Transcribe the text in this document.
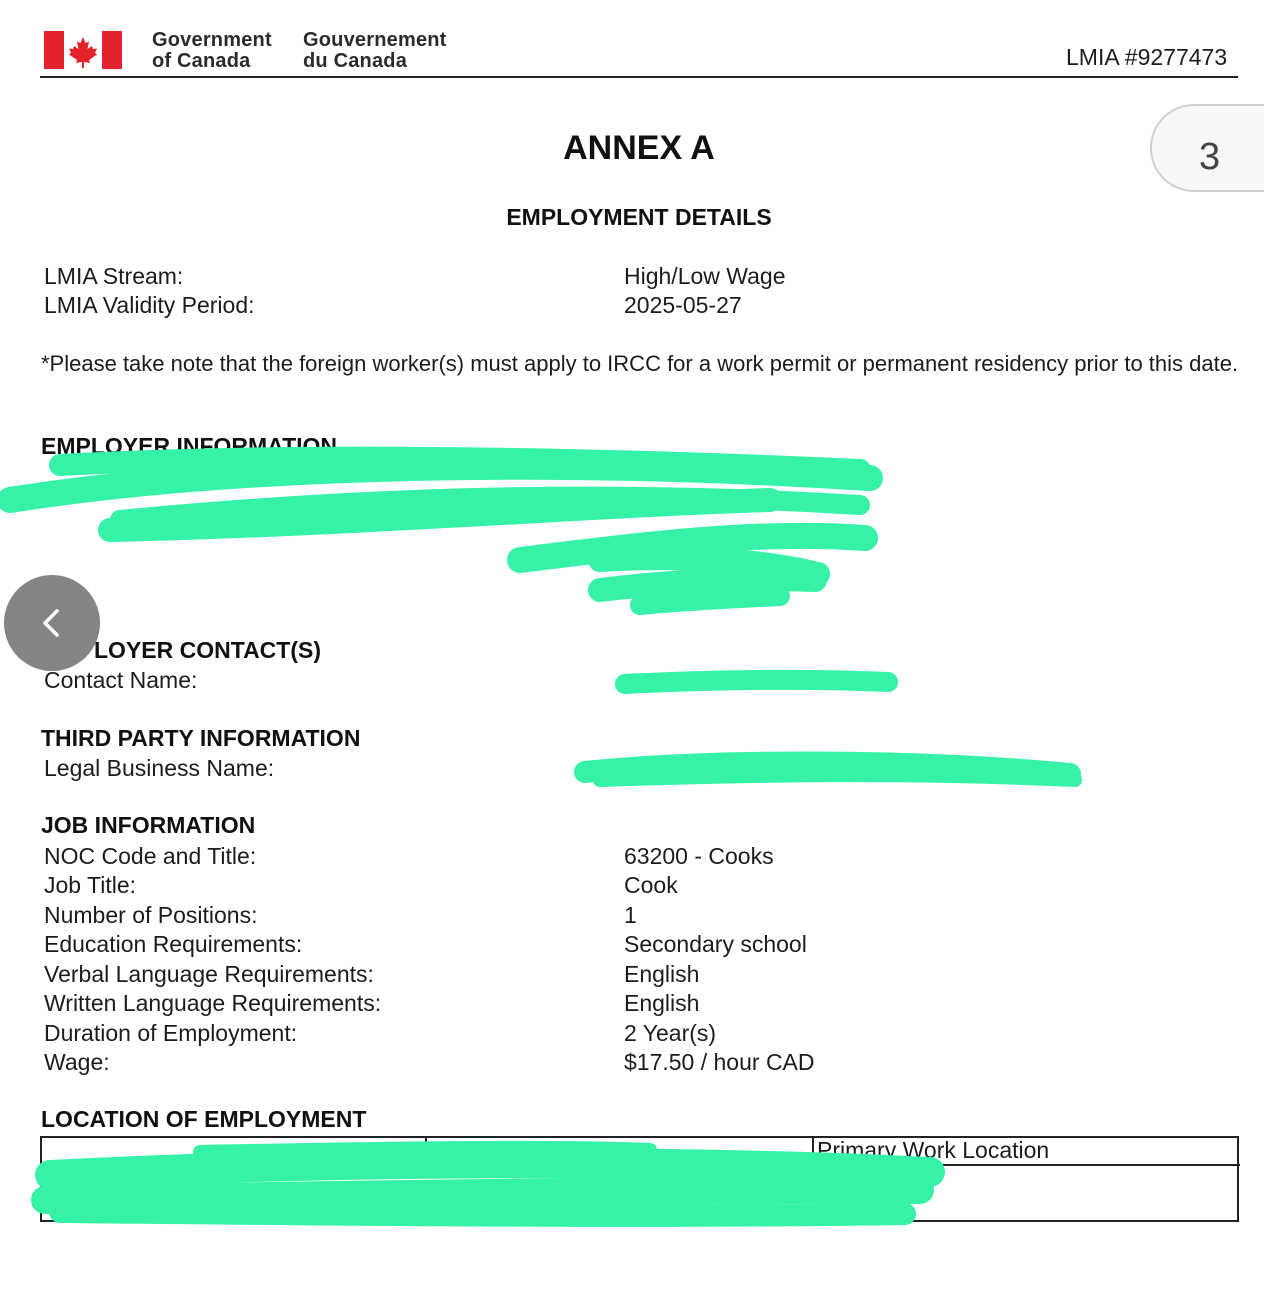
Government
of Canada
Gouvernement
du Canada	LMIA #9277473
3
ANNEX A
EMPLOYMENT DETAILS
LMIA Stream:	High/Low Wage
LMIA Validity Period:	2025-05-27
*Please take note that the foreign worker(s) must apply to IRCC for a work permit or permanent residency prior to this date.
EMPLOYER INFORMATION
LOYER CONTACT(S)
Contact Name:
THIRD PARTY INFORMATION
Legal Business Name:
JOB INFORMATION
NOC Code and Title:	63200 - Cooks
Job Title:	Cook
Number of Positions:	1
Education Requirements:	Secondary school
Verbal Language Requirements:	English
Written Language Requirements:	English
Duration of Employment:	2 Year(s)
Wage:	$17.50 / hour CAD
LOCATION OF EMPLOYMENT
Primary Work Location
